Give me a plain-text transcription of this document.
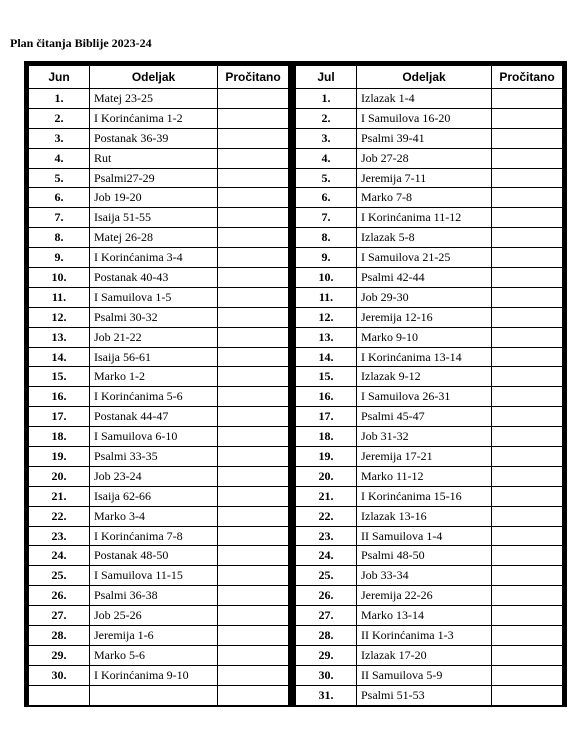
Plan čitanja Biblije 2023-24
Jun	Odeljak	Pročitano
1.	Matej 23-25	
2.	I Korinćanima 1-2	
3.	Postanak 36-39	
4.	Rut	
5.	Psalmi27-29	
6.	Job 19-20	
7.	Isaija 51-55	
8.	Matej 26-28	
9.	I Korinćanima 3-4	
10.	Postanak 40-43	
11.	I Samuilova 1-5	
12.	Psalmi 30-32	
13.	Job 21-22	
14.	Isaija 56-61	
15.	Marko 1-2	
16.	I Korinćanima 5-6	
17.	Postanak 44-47	
18.	I Samuilova 6-10	
19.	Psalmi 33-35	
20.	Job 23-24	
21.	Isaija 62-66	
22.	Marko 3-4	
23.	I Korinćanima 7-8	
24.	Postanak 48-50	
25.	I Samuilova 11-15	
26.	Psalmi 36-38	
27.	Job 25-26	
28.	Jeremija 1-6	
29.	Marko 5-6	
30.	I Korinćanima 9-10	

Jul	Odeljak	Pročitano
1.	Izlazak 1-4	
2.	I Samuilova 16-20	
3.	Psalmi 39-41	
4.	Job 27-28	
5.	Jeremija 7-11	
6.	Marko 7-8	
7.	I Korinćanima 11-12	
8.	Izlazak 5-8	
9.	I Samuilova 21-25	
10.	Psalmi 42-44	
11.	Job 29-30	
12.	Jeremija 12-16	
13.	Marko 9-10	
14.	I Korinćanima 13-14	
15.	Izlazak 9-12	
16.	I Samuilova 26-31	
17.	Psalmi 45-47	
18.	Job 31-32	
19.	Jeremija 17-21	
20.	Marko 11-12	
21.	I Korinćanima 15-16	
22.	Izlazak 13-16	
23.	II Samuilova 1-4	
24.	Psalmi 48-50	
25.	Job 33-34	
26.	Jeremija 22-26	
27.	Marko 13-14	
28.	II Korinćanima 1-3	
29.	Izlazak 17-20	
30.	II Samuilova 5-9	
31.	Psalmi 51-53	
